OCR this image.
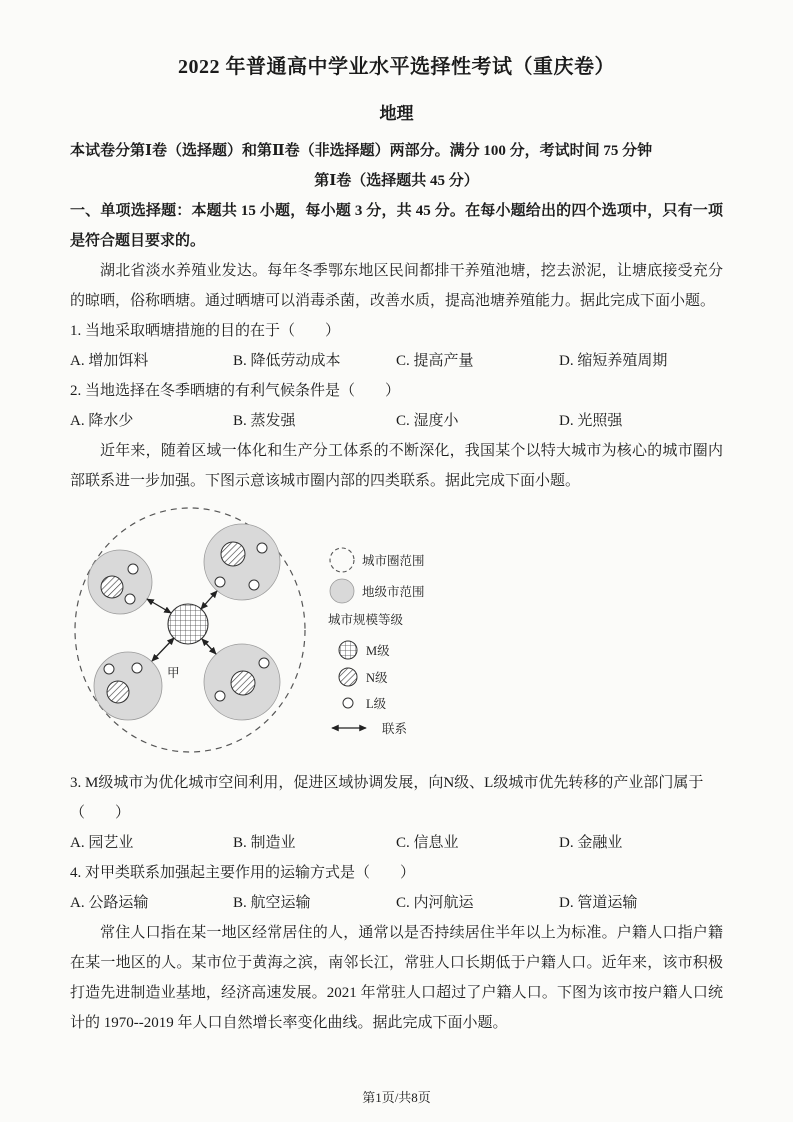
2022 年普通高中学业水平选择性考试（重庆卷）
地理
本试卷分第Ⅰ卷（选择题）和第Ⅱ卷（非选择题）两部分。满分 100 分，考试时间 75 分钟
第Ⅰ卷（选择题共 45 分）
一、单项选择题：本题共 15 小题，每小题 3 分，共 45 分。在每小题给出的四个选项中，只有一项是符合题目要求的。

湖北省淡水养殖业发达。每年冬季鄂东地区民间都排干养殖池塘，挖去淤泥，让塘底接受充分的晾晒，俗称晒塘。通过晒塘可以消毒杀菌，改善水质，提高池塘养殖能力。据此完成下面小题。

1. 当地采取晒塘措施的目的在于（　　）
A. 增加饵料	B. 降低劳动成本	C. 提高产量	D. 缩短养殖周期
2. 当地选择在冬季晒塘的有利气候条件是（　　）
A. 降水少	B. 蒸发强	C. 湿度小	D. 光照强

近年来，随着区域一体化和生产分工体系的不断深化，我国某个以特大城市为核心的城市圈内部联系进一步加强。下图示意该城市圈内部的四类联系。据此完成下面小题。

甲
城市圈范围
地级市范围
城市规模等级
M级
N级
L级
联系
3. M级城市为优化城市空间利用，促进区域协调发展，向N级、L级城市优先转移的产业部门属于（　　）
A. 园艺业	B. 制造业	C. 信息业	D. 金融业
4. 对甲类联系加强起主要作用的运输方式是（　　）
A. 公路运输	B. 航空运输	C. 内河航运	D. 管道运输

常住人口指在某一地区经常居住的人，通常以是否持续居住半年以上为标准。户籍人口指户籍在某一地区的人。某市位于黄海之滨，南邻长江，常驻人口长期低于户籍人口。近年来，该市积极打造先进制造业基地，经济高速发展。2021 年常驻人口超过了户籍人口。下图为该市按户籍人口统计的 1970--2019 年人口自然增长率变化曲线。据此完成下面小题。

第1页/共8页
